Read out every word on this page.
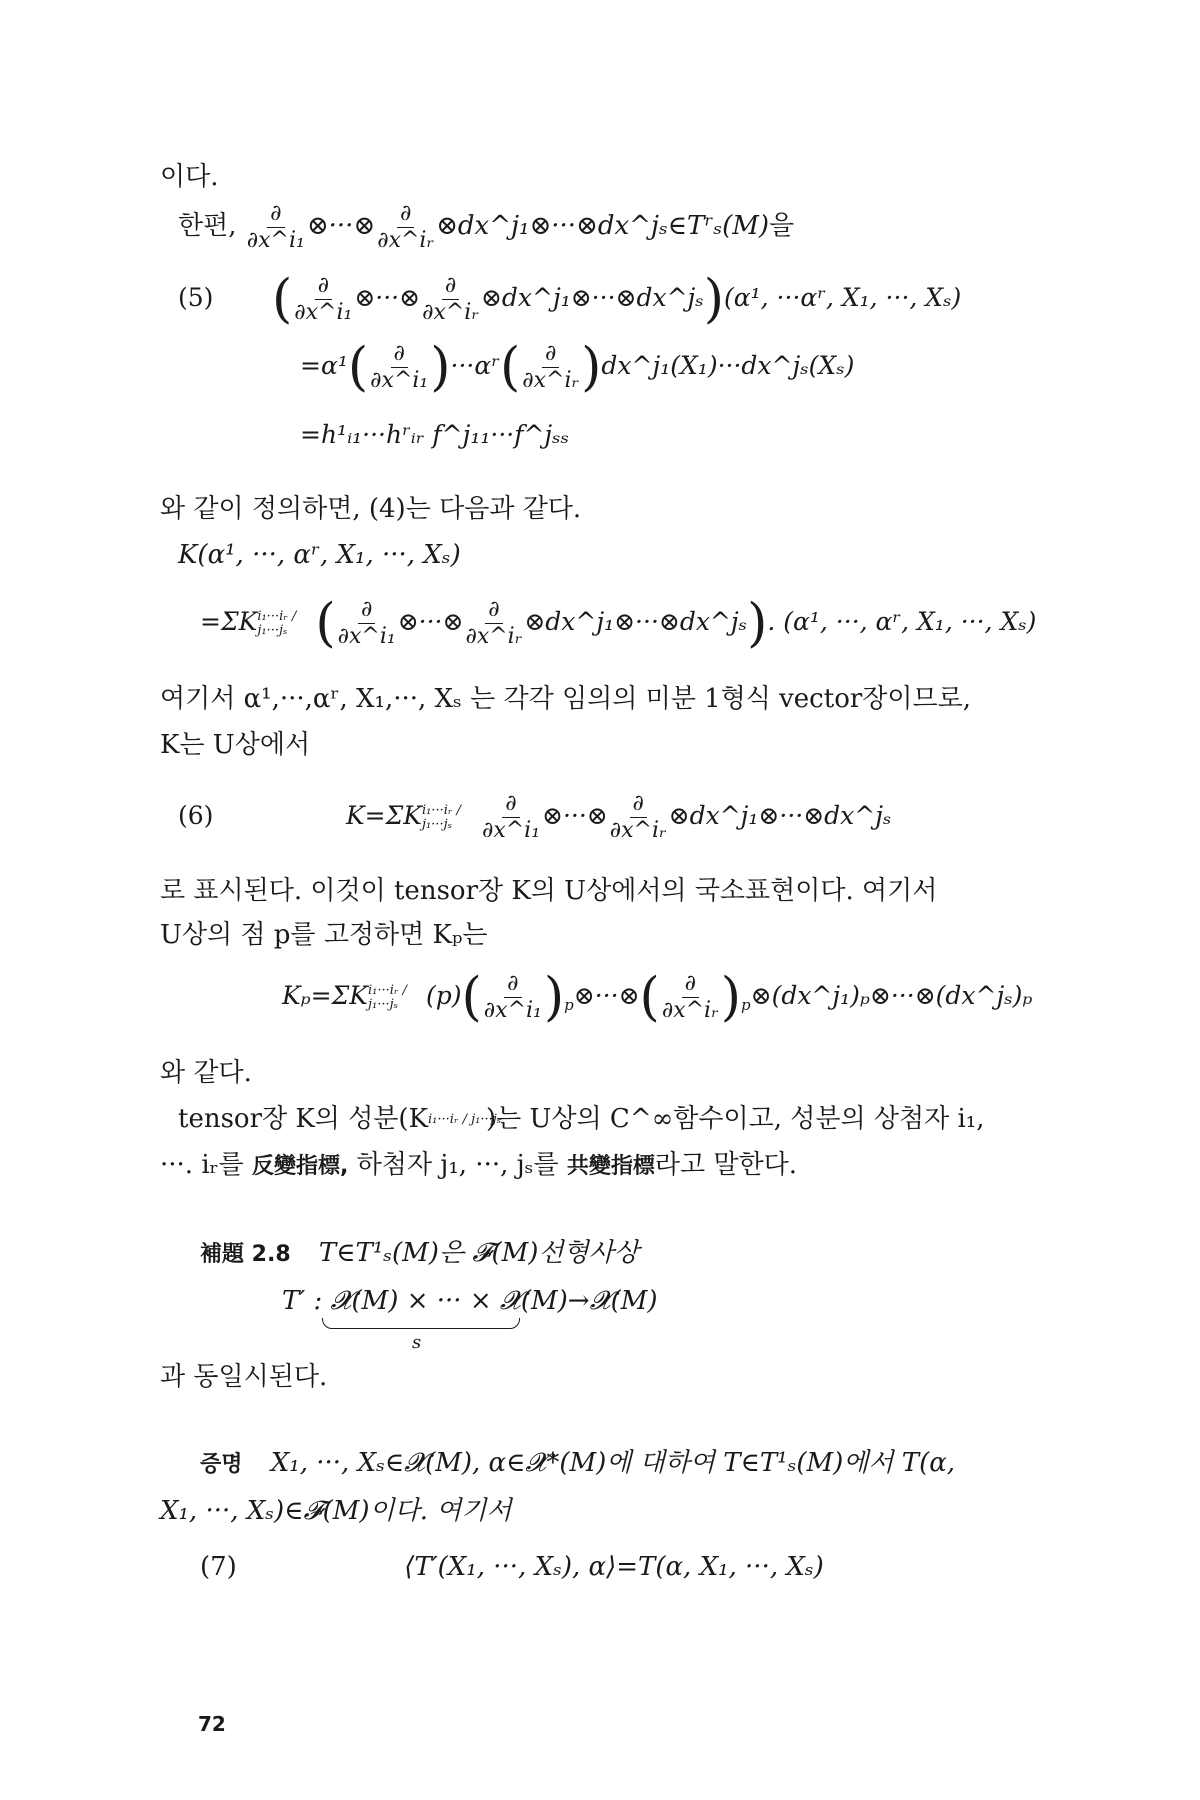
이다.
한편, $\frac{\partial}{\text{∂x\textasciicircum{}i₁}}$ ⊗···⊗ $\frac{\partial}{\text{∂x\textasciicircum{}iᵣ}}$ ⊗dx^j₁⊗···⊗dx^jₛ∈Tʳₛ(M)을
(5) ( $\frac{\partial}{\text{∂x\textasciicircum{}i₁}}$ ⊗···⊗ $\frac{\partial}{\text{∂x\textasciicircum{}iᵣ}}$ ⊗dx^j₁⊗···⊗dx^jₛ)(α¹, ···αʳ, X₁, ···, Xₛ)
$=\alpha^1( \frac{\partial}{\text{∂x\textasciicircum{}i₁}}$ )···αʳ( $\frac{\partial}{\text{∂x\textasciicircum{}iᵣ}}$ )dx^j₁(X₁)···dx^jₛ(Xₛ)
=h¹ᵢ₁···hʳᵢᵣ f^j₁₁···f^jₛₛ
와 같이 정의하면, (4)는 다음과 같다.
K(α¹, ···, αʳ, X₁, ···, Xₛ)
=ΣKi₁···iᵣ / j₁···jₛ ( $\frac{\partial}{\text{∂x\textasciicircum{}i₁}}$ ⊗···⊗ $\frac{\partial}{\text{∂x\textasciicircum{}iᵣ}}$ ⊗dx^j₁⊗···⊗dx^jₛ). (α¹, ···, αʳ, X₁, ···, Xₛ)
여기서 α¹,···,αʳ, X₁,···, Xₛ 는 각각 임의의 미분 1형식 vector장이므로,
K는 U상에서
(6)	K=ΣKi₁···iᵣ / $j_1\cdot\cdot\cdot j_s \frac{\partial}{\text{∂x\textasciicircum{}i₁}}$ ⊗···⊗ $\frac{\partial}{\text{∂x\textasciicircum{}iᵣ}}$ ⊗dx^j₁⊗···⊗dx^jₛ
로 표시된다. 이것이 tensor장 K의 U상에서의 국소표현이다. 여기서
U상의 점 p를 고정하면 Kₚ는
Kₚ=ΣKi₁···iᵣ / j₁···jₛ $(p)( \frac{\partial}{\text{∂x\textasciicircum{}i₁}}$ )$_p\otimes\cdot\cdot\cdot\otimes( \frac{\partial}{\text{∂x\textasciicircum{}iᵣ}}$ )$_p\otimes(dx\^{}j_1)_p\otimes\cdot\cdot\cdot\otimes(dx\^{}j_s)_p$
와 같다.
tensor장 K의 성분(Ki₁···iᵣ / j₁···jₛ)는 U상의 C^∞함수이고, 성분의 상첨자 i₁,
···. iᵣ를 反變指標, 하첨자 j₁, ···, jₛ를 共變指標라고 말한다.
補題 2.8 T∈T¹ₛ(M)은 𝓕(M)선형사상
T′ : 𝓧(M) × ··· × 𝓧(M)→𝓧(M)
s
과 동일시된다.
증명 X₁, ···, Xₛ∈𝓧(M), α∈𝓧*(M)에 대하여 T∈T¹ₛ(M)에서 T(α,
X₁, ···, Xₛ)∈𝓕(M)이다. 여기서
(7)	⟨T′(X₁, ···, Xₛ), α⟩=T(α, X₁, ···, Xₛ)
72
